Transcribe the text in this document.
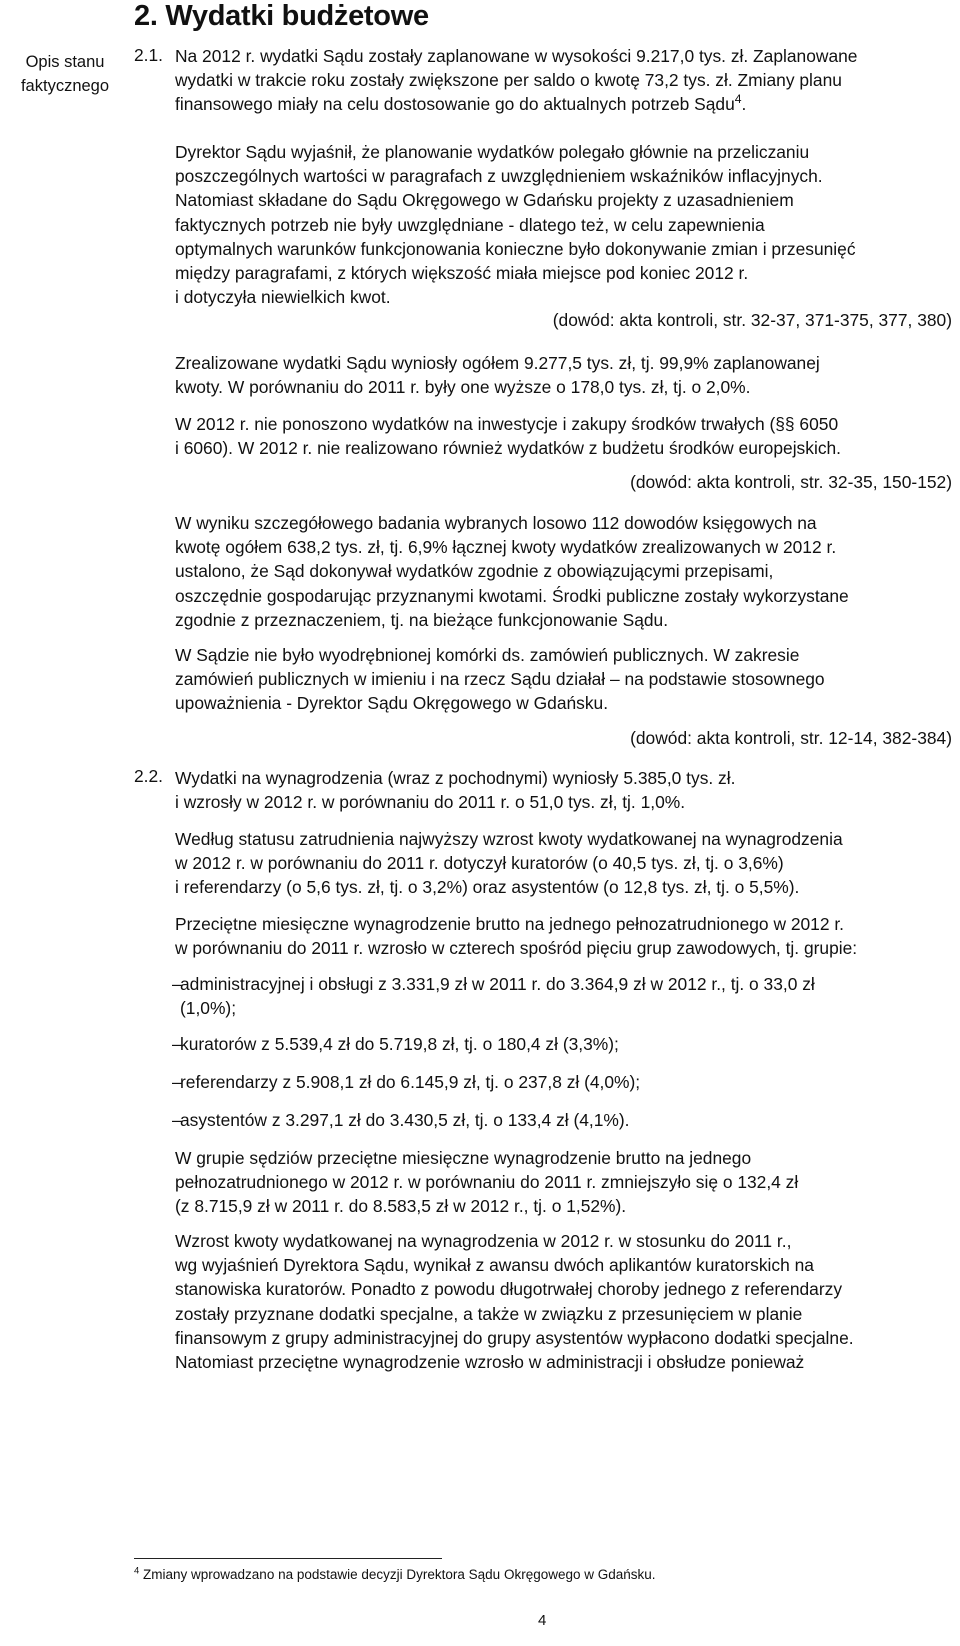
2. Wydatki budżetowe
Opis stanu faktycznego
2.1. Na 2012 r. wydatki Sądu zostały zaplanowane w wysokości 9.217,0 tys. zł. Zaplanowane
wydatki w trakcie roku zostały zwiększone per saldo o kwotę 73,2 tys. zł. Zmiany planu
finansowego miały na celu dostosowanie go do aktualnych potrzeb Sądu$^4$.
Dyrektor Sądu wyjaśnił, że planowanie wydatków polegało głównie na przeliczaniu
poszczególnych wartości w paragrafach z uwzględnieniem wskaźników inflacyjnych.
Natomiast składane do Sądu Okręgowego w Gdańsku projekty z uzasadnieniem
faktycznych potrzeb nie były uwzględniane - dlatego też, w celu zapewnienia
optymalnych warunków funkcjonowania konieczne było dokonywanie zmian i przesunięć
między paragrafami, z których większość miała miejsce pod koniec 2012 r.
i dotyczyła niewielkich kwot.
(dowód: akta kontroli, str. 32-37, 371-375, 377, 380)
Zrealizowane wydatki Sądu wyniosły ogółem 9.277,5 tys. zł, tj. 99,9% zaplanowanej
kwoty. W porównaniu do 2011 r. były one wyższe o 178,0 tys. zł, tj. o 2,0%.
W 2012 r. nie ponoszono wydatków na inwestycje i zakupy środków trwałych (§§ 6050
i 6060). W 2012 r. nie realizowano również wydatków z budżetu środków europejskich.
(dowód: akta kontroli, str. 32-35, 150-152)
W wyniku szczegółowego badania wybranych losowo 112 dowodów księgowych na
kwotę ogółem 638,2 tys. zł, tj. 6,9% łącznej kwoty wydatków zrealizowanych w 2012 r.
ustalono, że Sąd dokonywał wydatków zgodnie z obowiązującymi przepisami,
oszczędnie gospodarując przyznanymi kwotami. Środki publiczne zostały wykorzystane
zgodnie z przeznaczeniem, tj. na bieżące funkcjonowanie Sądu.
W Sądzie nie było wyodrębnionej komórki ds. zamówień publicznych. W zakresie
zamówień publicznych w imieniu i na rzecz Sądu działał – na podstawie stosownego
upoważnienia - Dyrektor Sądu Okręgowego w Gdańsku.
(dowód: akta kontroli, str. 12-14, 382-384)
2.2. Wydatki na wynagrodzenia (wraz z pochodnymi) wyniosły 5.385,0 tys. zł.
i wzrosły w 2012 r. w porównaniu do 2011 r. o 51,0 tys. zł, tj. 1,0%.
Według statusu zatrudnienia najwyższy wzrost kwoty wydatkowanej na wynagrodzenia
w 2012 r. w porównaniu do 2011 r. dotyczył kuratorów (o 40,5 tys. zł, tj. o 3,6%)
i referendarzy (o 5,6 tys. zł, tj. o 3,2%) oraz asystentów (o 12,8 tys. zł, tj. o 5,5%).
Przeciętne miesięczne wynagrodzenie brutto na jednego pełnozatrudnionego w 2012 r.
w porównaniu do 2011 r. wzrosło w czterech spośród pięciu grup zawodowych, tj. grupie:
–
administracyjnej i obsługi z 3.331,9 zł w 2011 r. do 3.364,9 zł w 2012 r., tj. o 33,0 zł
(1,0%);
–
kuratorów z 5.539,4 zł do 5.719,8 zł, tj. o 180,4 zł (3,3%);
–
referendarzy z 5.908,1 zł do 6.145,9 zł, tj. o 237,8 zł (4,0%);
–
asystentów z 3.297,1 zł do 3.430,5 zł, tj. o 133,4 zł (4,1%).
W grupie sędziów przeciętne miesięczne wynagrodzenie brutto na jednego
pełnozatrudnionego w 2012 r. w porównaniu do 2011 r. zmniejszyło się o 132,4 zł
(z 8.715,9 zł w 2011 r. do 8.583,5 zł w 2012 r., tj. o 1,52%).
Wzrost kwoty wydatkowanej na wynagrodzenia w 2012 r. w stosunku do 2011 r.,
wg wyjaśnień Dyrektora Sądu, wynikał z awansu dwóch aplikantów kuratorskich na
stanowiska kuratorów. Ponadto z powodu długotrwałej choroby jednego z referendarzy
zostały przyznane dodatki specjalne, a także w związku z przesunięciem w planie
finansowym z grupy administracyjnej do grupy asystentów wypłacono dodatki specjalne.
Natomiast przeciętne wynagrodzenie wzrosło w administracji i obsłudze ponieważ
$^4$ Zmiany wprowadzano na podstawie decyzji Dyrektora Sądu Okręgowego w Gdańsku.
4
